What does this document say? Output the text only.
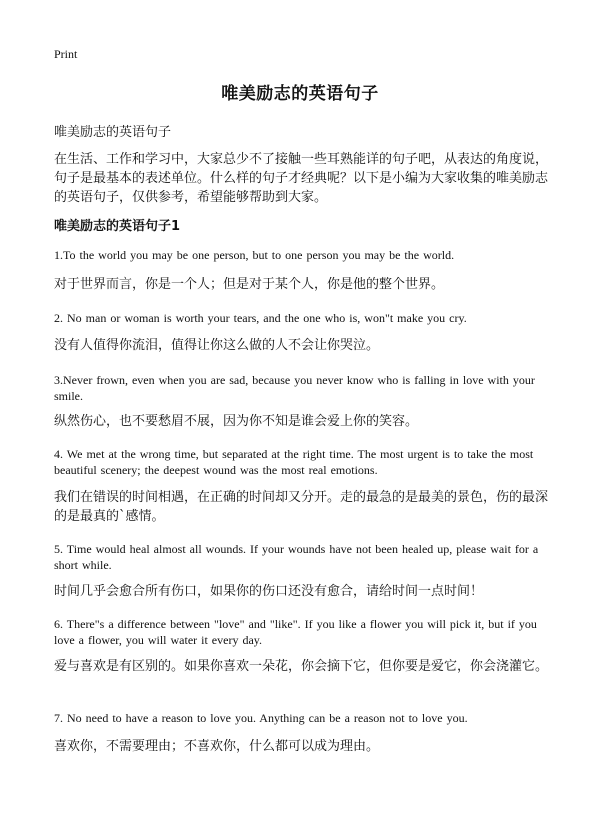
Print
唯美励志的英语句子
唯美励志的英语句子
在生活、工作和学习中，大家总少不了接触一些耳熟能详的句子吧，从表达的角度说，句子是最基本的表述单位。什么样的句子才经典呢？以下是小编为大家收集的唯美励志的英语句子，仅供参考，希望能够帮助到大家。
唯美励志的英语句子1
1.To the world you may be one person, but to one person you may be the world.
对于世界而言，你是一个人；但是对于某个人，你是他的整个世界。
2. No man or woman is worth your tears, and the one who is, won"t make you cry.
没有人值得你流泪，值得让你这么做的人不会让你哭泣。
3.Never frown, even when you are sad, because you never know who is falling in love with your smile.
纵然伤心，也不要愁眉不展，因为你不知是谁会爱上你的笑容。
4. We met at the wrong time, but separated at the right time. The most urgent is to take the most beautiful scenery; the deepest wound was the most real emotions.
我们在错误的时间相遇，在正确的时间却又分开。走的最急的是最美的景色，伤的最深的是最真的`感情。
5. Time would heal almost all wounds. If your wounds have not been healed up, please wait for a short while.
时间几乎会愈合所有伤口，如果你的伤口还没有愈合，请给时间一点时间！
6. There"s a difference between "love" and "like". If you like a flower you will pick it, but if you love a flower, you will water it every day.
爱与喜欢是有区别的。如果你喜欢一朵花，你会摘下它，但你要是爱它，你会浇灌它。
7. No need to have a reason to love you. Anything can be a reason not to love you.
喜欢你，不需要理由；不喜欢你，什么都可以成为理由。
